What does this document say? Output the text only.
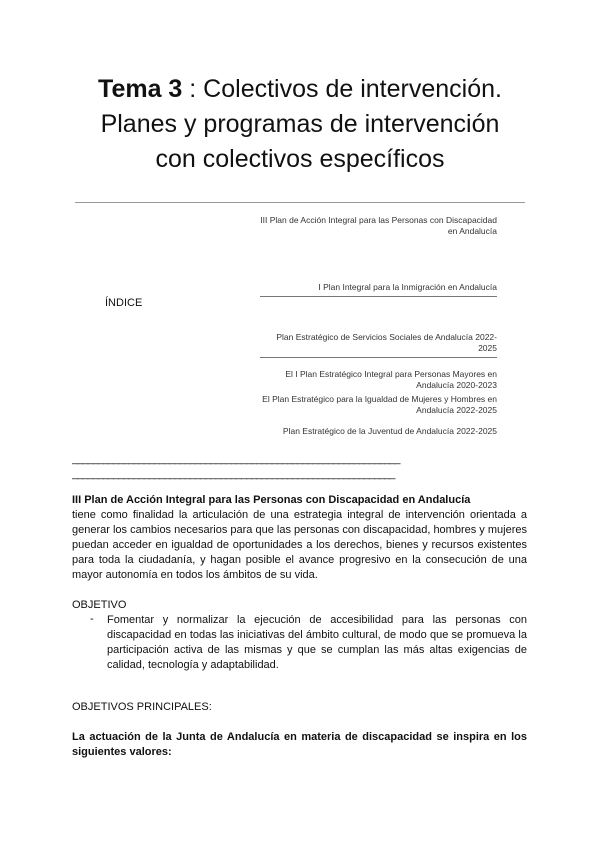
Tema 3 : Colectivos de intervención.
Planes y programas de intervención
con colectivos específicos
III Plan de Acción Integral para las Personas con Discapacidad
en Andalucía
I Plan Integral para la Inmigración en Andalucía
ÍNDICE
Plan Estratégico de Servicios Sociales de Andalucía 2022-2025
El I Plan Estratégico Integral para Personas Mayores en
Andalucía 2020-2023
El Plan Estratégico para la Igualdad de Mujeres y Hombres en
Andalucía 2022-2025
Plan Estratégico de la Juventud de Andalucía 2022-2025
________________________________________________________________
_______________________________________________________________
III Plan de Acción Integral para las Personas con Discapacidad en Andalucía
tiene como finalidad la articulación de una estrategia integral de intervención orientada a generar los cambios necesarios para que las personas con discapacidad, hombres y mujeres puedan acceder en igualdad de oportunidades a los derechos, bienes y recursos existentes para toda la ciudadanía, y hagan posible el avance progresivo en la consecución de una mayor autonomía en todos los ámbitos de su vida.
OBJETIVO
- Fomentar y normalizar la ejecución de accesibilidad para las personas con discapacidad en todas las iniciativas del ámbito cultural, de modo que se promueva la participación activa de las mismas y que se cumplan las más altas exigencias de calidad, tecnología y adaptabilidad.
OBJETIVOS PRINCIPALES:
La actuación de la Junta de Andalucía en materia de discapacidad se inspira en los siguientes valores:
